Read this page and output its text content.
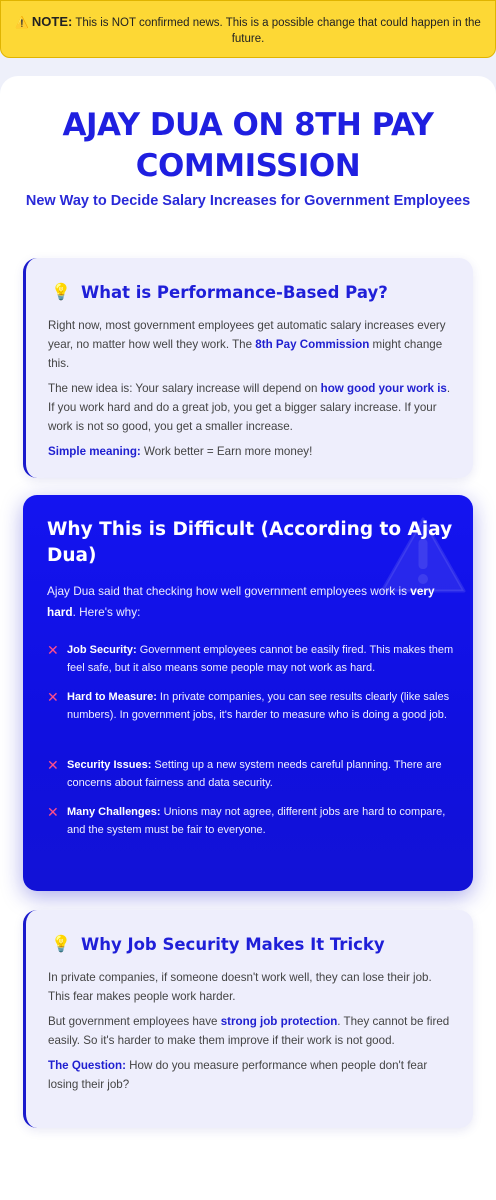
⚠️ NOTE: This is NOT confirmed news. This is a possible change that could happen in the future.
AJAY DUA ON 8TH PAY COMMISSION
New Way to Decide Salary Increases for Government Employees
💡 What is Performance-Based Pay?

Right now, most government employees get automatic salary increases every year, no matter how well they work. The 8th Pay Commission might change this.

The new idea is: Your salary increase will depend on how good your work is. If you work hard and do a great job, you get a bigger salary increase. If your work is not so good, you get a smaller increase.

Simple meaning: Work better = Earn more money!

Why This is Difficult (According to Ajay Dua)

Ajay Dua said that checking how well government employees work is very hard. Here's why:

✕ Job Security: Government employees cannot be easily fired. This makes them feel safe, but it also means some people may not work as hard.
✕ Hard to Measure: In private companies, you can see results clearly (like sales numbers). In government jobs, it's harder to measure who is doing a good job.
✕ Security Issues: Setting up a new system needs careful planning. There are concerns about fairness and data security.
✕ Many Challenges: Unions may not agree, different jobs are hard to compare, and the system must be fair to everyone.
💡 Why Job Security Makes It Tricky

In private companies, if someone doesn't work well, they can lose their job. This fear makes people work harder.

But government employees have strong job protection. They cannot be fired easily. So it's harder to make them improve if their work is not good.

The Question: How do you measure performance when people don't fear losing their job?
